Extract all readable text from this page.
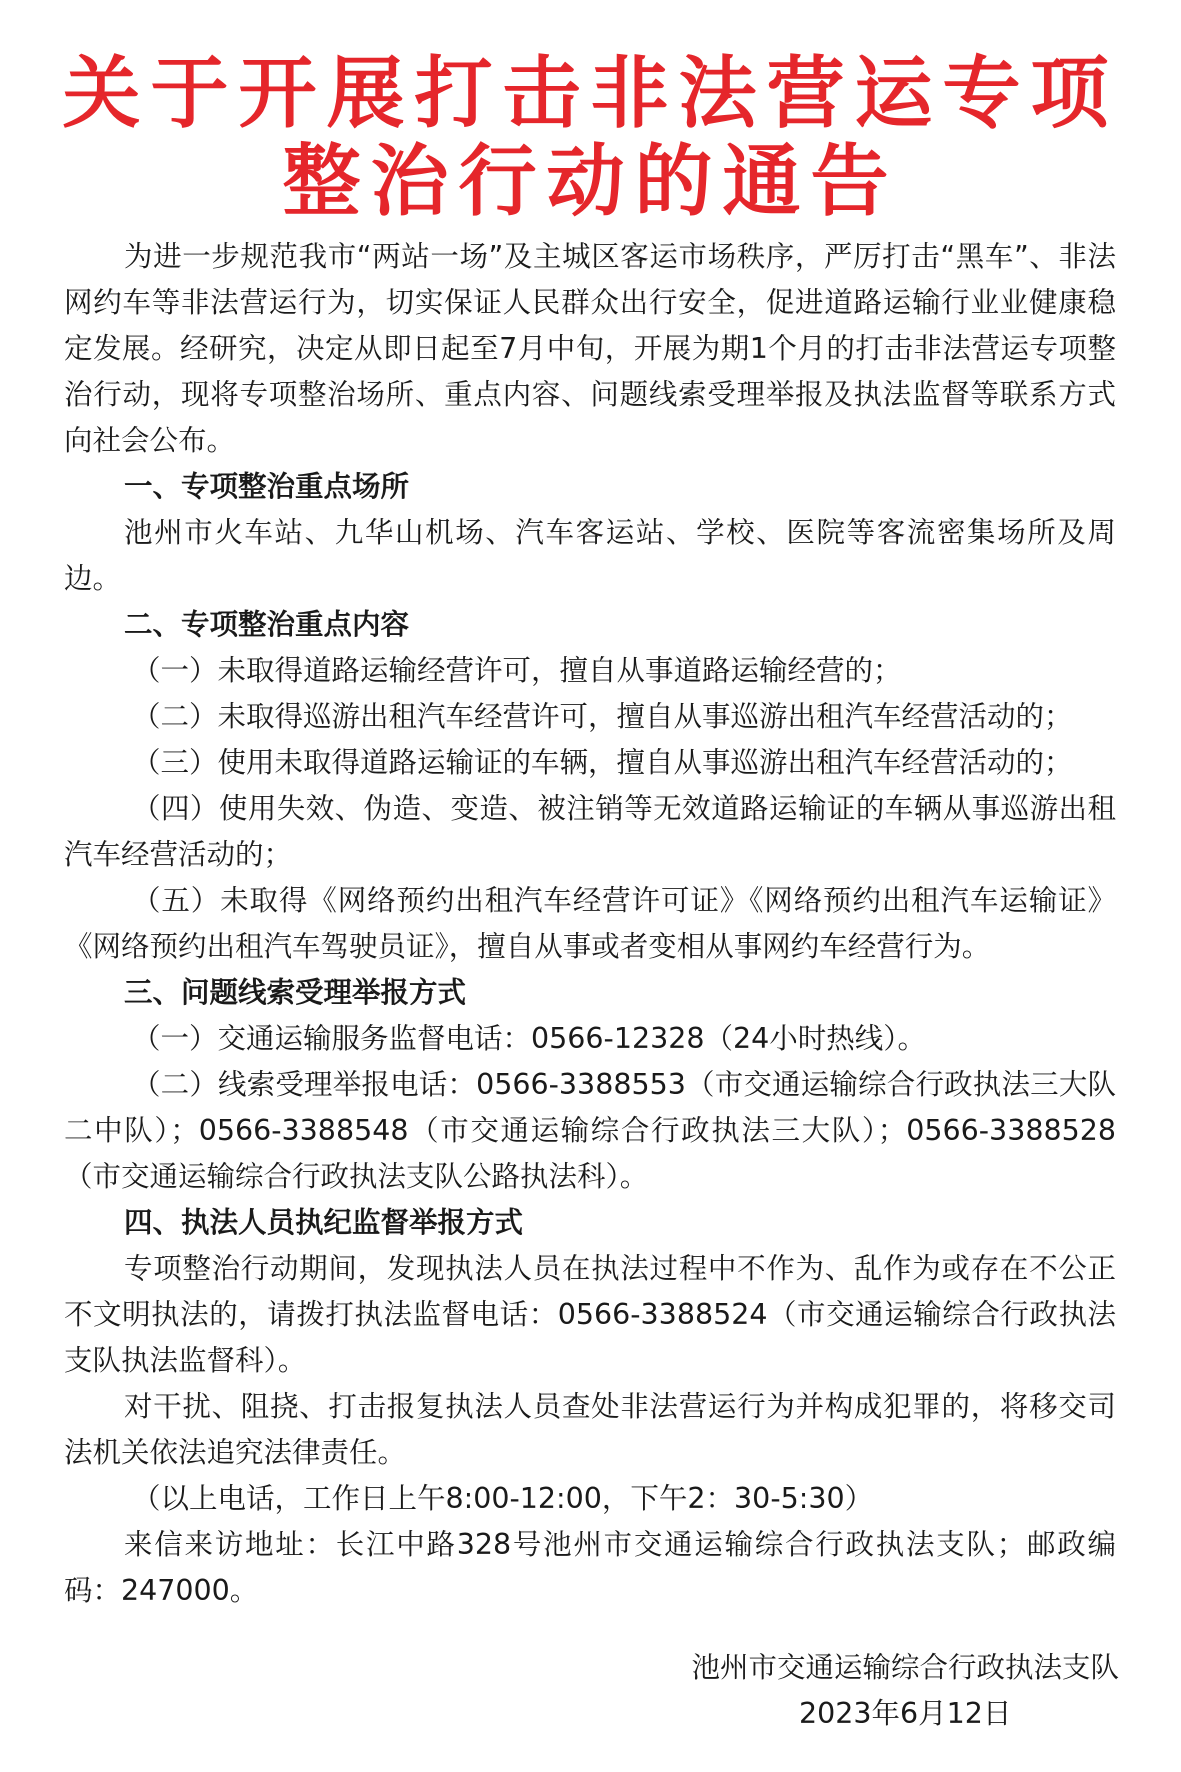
关于开展打击非法营运专项
整治行动的通告

为进一步规范我市“两站一场”及主城区客运市场秩序，严厉打击“黑车”、非法网约车等非法营运行为，切实保证人民群众出行安全，促进道路运输行业业健康稳定发展。经研究，决定从即日起至7月中旬，开展为期1个月的打击非法营运专项整治行动，现将专项整治场所、重点内容、问题线索受理举报及执法监督等联系方式向社会公布。

一、专项整治重点场所

池州市火车站、九华山机场、汽车客运站、学校、医院等客流密集场所及周边。

二、专项整治重点内容

（一）未取得道路运输经营许可，擅自从事道路运输经营的；

（二）未取得巡游出租汽车经营许可，擅自从事巡游出租汽车经营活动的；

（三）使用未取得道路运输证的车辆，擅自从事巡游出租汽车经营活动的；

（四）使用失效、伪造、变造、被注销等无效道路运输证的车辆从事巡游出租汽车经营活动的；

（五）未取得《网络预约出租汽车经营许可证》《网络预约出租汽车运输证》《网络预约出租汽车驾驶员证》，擅自从事或者变相从事网约车经营行为。

三、问题线索受理举报方式

（一）交通运输服务监督电话：0566-12328（24小时热线）。

（二）线索受理举报电话：0566-3388553（市交通运输综合行政执法三大队二中队）；0566-3388548（市交通运输综合行政执法三大队）；0566-3388528（市交通运输综合行政执法支队公路执法科）。

四、执法人员执纪监督举报方式

专项整治行动期间，发现执法人员在执法过程中不作为、乱作为或存在不公正不文明执法的，请拨打执法监督电话：0566-3388524（市交通运输综合行政执法支队执法监督科）。

对干扰、阻挠、打击报复执法人员查处非法营运行为并构成犯罪的，将移交司法机关依法追究法律责任。

（以上电话，工作日上午8:00-12:00，下午2：30-5:30）

来信来访地址：长江中路328号池州市交通运输综合行政执法支队；邮政编码：247000。

池州市交通运输综合行政执法支队
2023年6月12日
